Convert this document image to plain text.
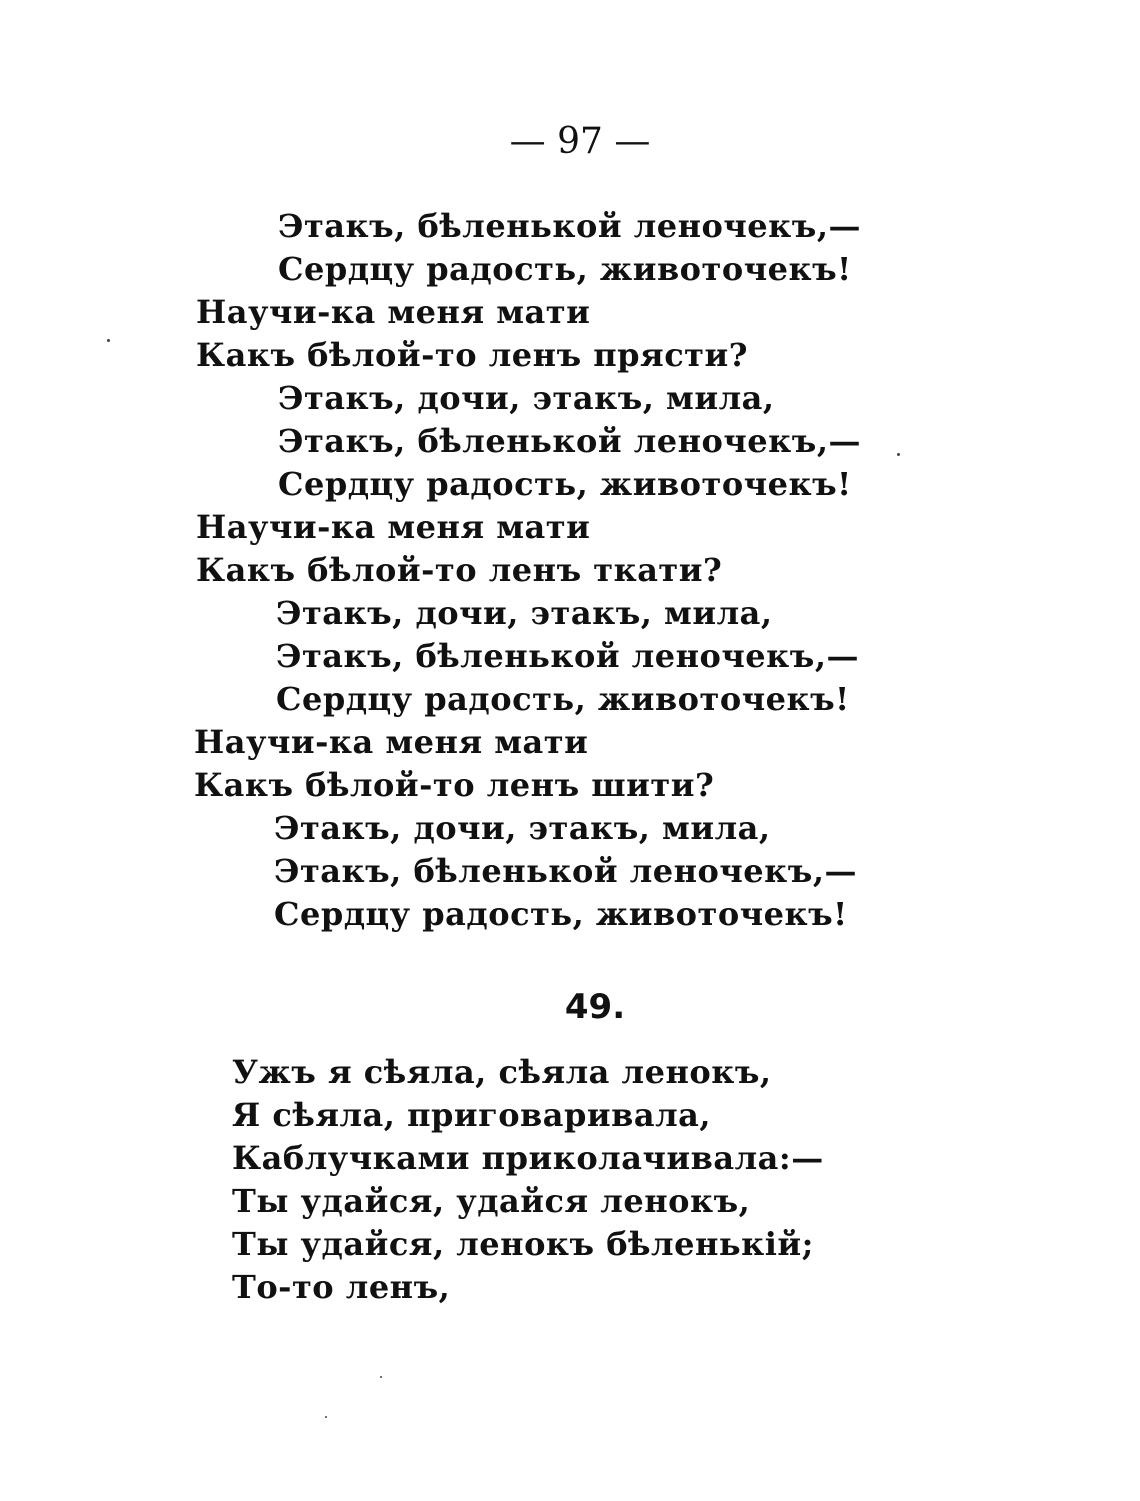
— 97 —
Этакъ, бѣленькой леночекъ,—
Сердцу радость, животочекъ!
Научи-ка меня мати
Какъ бѣлой-то ленъ прясти?
Этакъ, дочи, этакъ, мила,
Этакъ, бѣленькой леночекъ,—
Сердцу радость, животочекъ!
Научи-ка меня мати
Какъ бѣлой-то ленъ ткати?
Этакъ, дочи, этакъ, мила,
Этакъ, бѣленькой леночекъ,—
Сердцу радость, животочекъ!
Научи-ка меня мати
Какъ бѣлой-то ленъ шити?
Этакъ, дочи, этакъ, мила,
Этакъ, бѣленькой леночекъ,—
Сердцу радость, животочекъ!
49.
Ужъ я сѣяла, сѣяла ленокъ,
Я сѣяла, приговаривала,
Каблучками приколачивала:—
Ты удайся, удайся ленокъ,
Ты удайся, ленокъ бѣленькій;
То-то ленъ,
